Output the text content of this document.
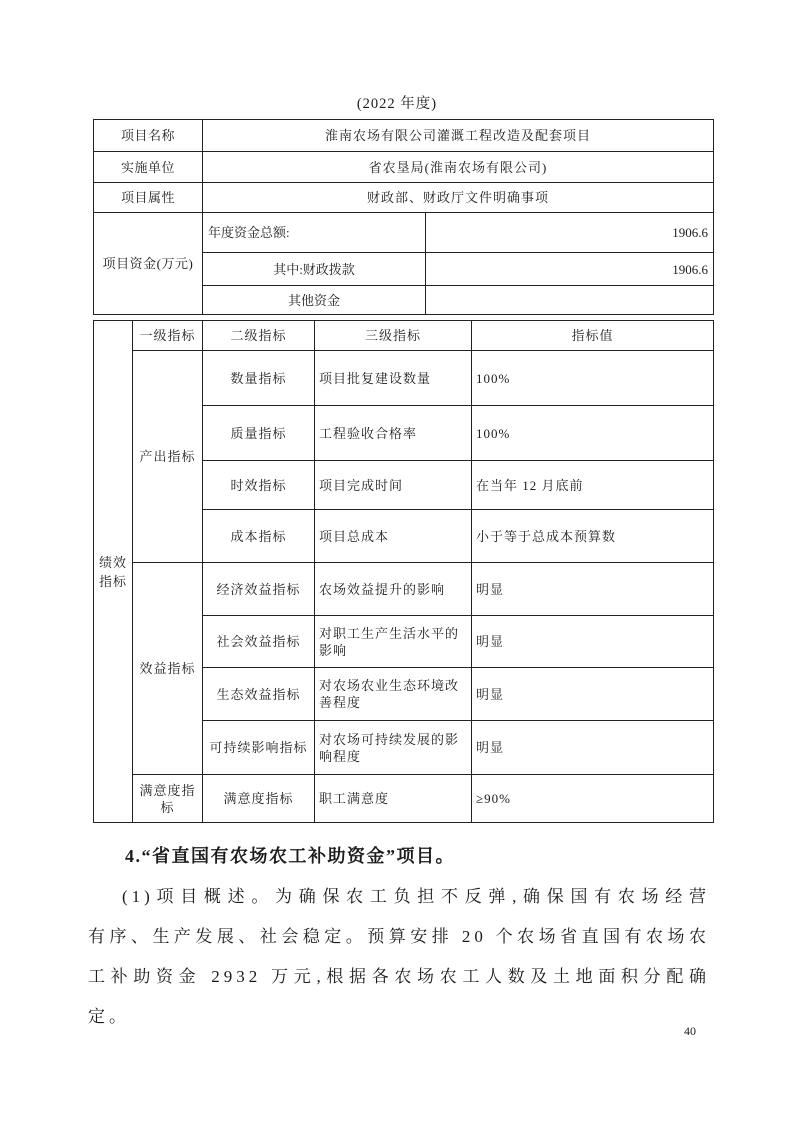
(2022 年度)
项目名称	淮南农场有限公司灌溉工程改造及配套项目	
实施单位	省农垦局(淮南农场有限公司)	
项目属性	财政部、财政厅文件明确事项	
项目资金(万元)	年度资金总额:	1906.6
	其中:财政拨款	1906.6
	其他资金	
绩效指标	一级指标	二级指标	三级指标	指标值
	产出指标	数量指标	项目批复建设数量	100%
		质量指标	工程验收合格率	100%
		时效指标	项目完成时间	在当年 12 月底前
		成本指标	项目总成本	小于等于总成本预算数
	效益指标	经济效益指标	农场效益提升的影响	明显
		社会效益指标	对职工生产生活水平的影响	明显
		生态效益指标	对农场农业生态环境改善程度	明显
		可持续影响指标	对农场可持续发展的影响程度	明显
	满意度指标	满意度指标	职工满意度	≥90%
4.“省直国有农场农工补助资金”项目。
(1)项目概述。为确保农工负担不反弹,确保国有农场经营
有序、生产发展、社会稳定。预算安排 20 个农场省直国有农场农
工补助资金 2932 万元,根据各农场农工人数及土地面积分配确
定。
40
